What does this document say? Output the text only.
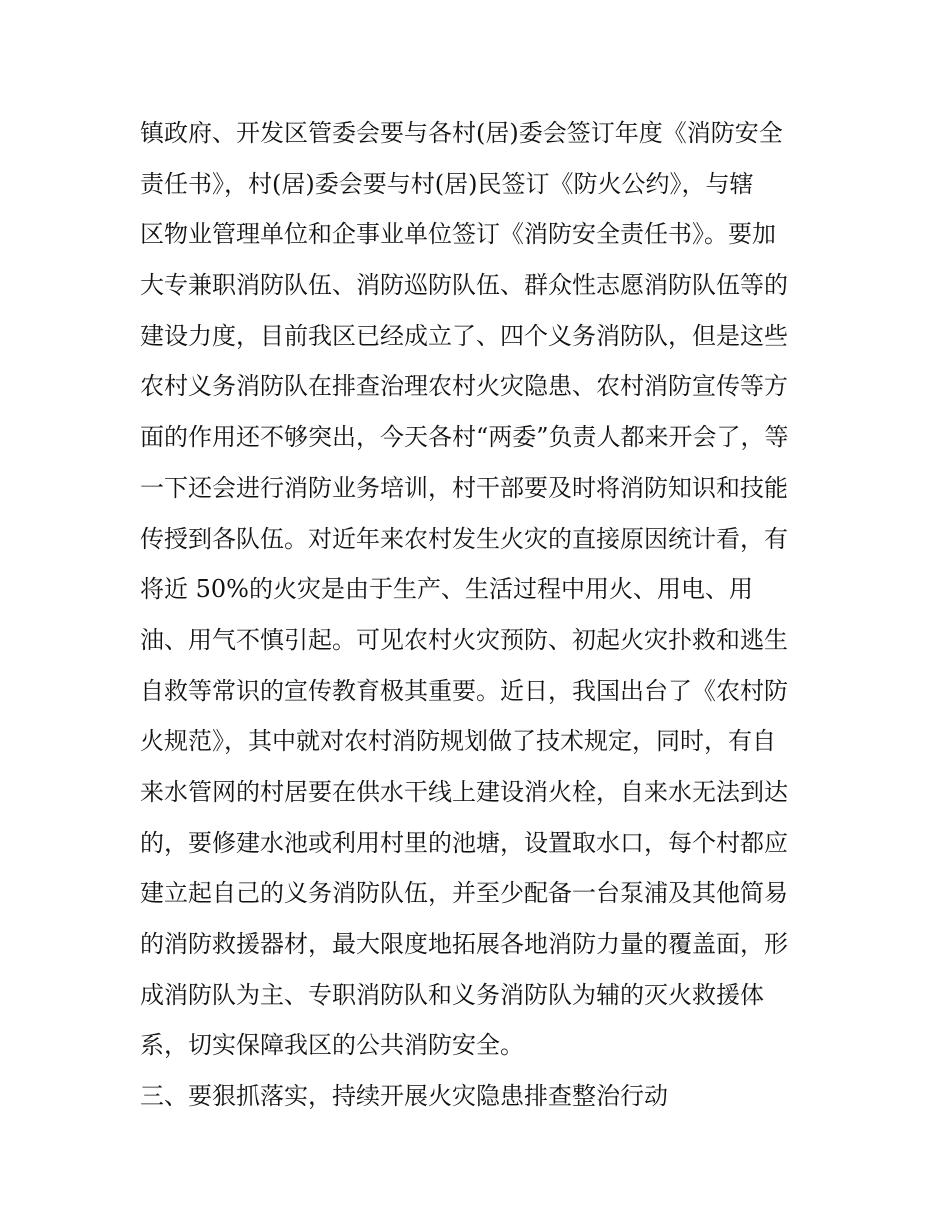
镇政府、开发区管委会要与各村(居)委会签订年度《消防安全
责任书》，村(居)委会要与村(居)民签订《防火公约》，与辖
区物业管理单位和企事业单位签订《消防安全责任书》。要加
大专兼职消防队伍、消防巡防队伍、群众性志愿消防队伍等的
建设力度，目前我区已经成立了、四个义务消防队，但是这些
农村义务消防队在排查治理农村火灾隐患、农村消防宣传等方
面的作用还不够突出，今天各村“两委”负责人都来开会了，等
一下还会进行消防业务培训，村干部要及时将消防知识和技能
传授到各队伍。对近年来农村发生火灾的直接原因统计看，有
将近 50%的火灾是由于生产、生活过程中用火、用电、用
油、用气不慎引起。可见农村火灾预防、初起火灾扑救和逃生
自救等常识的宣传教育极其重要。近日，我国出台了《农村防
火规范》，其中就对农村消防规划做了技术规定，同时，有自
来水管网的村居要在供水干线上建设消火栓，自来水无法到达
的，要修建水池或利用村里的池塘，设置取水口，每个村都应
建立起自己的义务消防队伍，并至少配备一台泵浦及其他简易
的消防救援器材，最大限度地拓展各地消防力量的覆盖面，形
成消防队为主、专职消防队和义务消防队为辅的灭火救援体
系，切实保障我区的公共消防安全。
三、要狠抓落实，持续开展火灾隐患排查整治行动
